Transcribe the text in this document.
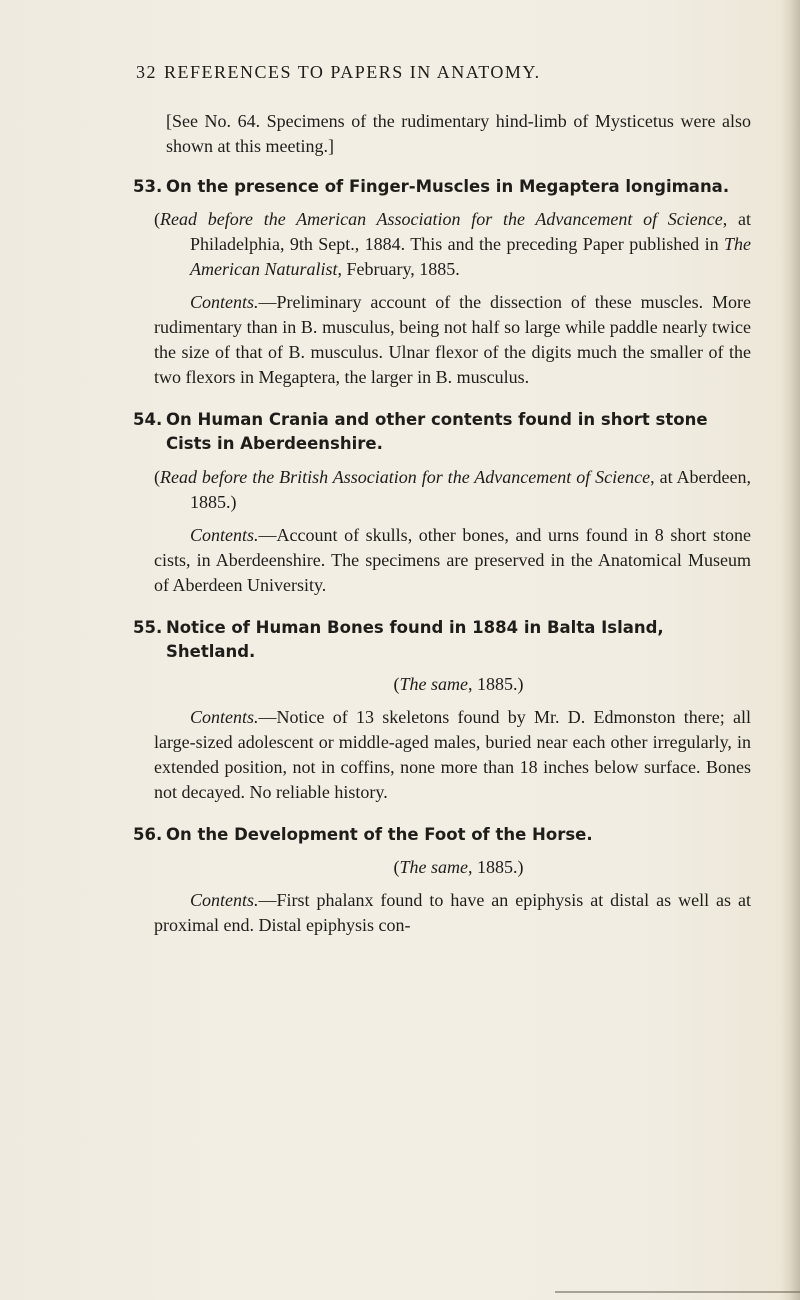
32 REFERENCES TO PAPERS IN ANATOMY.

[See No. 64. Specimens of the rudimentary hind-limb of Mysticetus were also shown at this meeting.]

53. On the presence of Finger-Muscles in Megaptera longimana.

(Read before the American Association for the Advancement of Science, at Philadelphia, 9th Sept., 1884. This and the preceding Paper published in The American Naturalist, February, 1885.

Contents.—Preliminary account of the dissection of these muscles. More rudimentary than in B. musculus, being not half so large while paddle nearly twice the size of that of B. musculus. Ulnar flexor of the digits much the smaller of the two flexors in Megaptera, the larger in B. musculus.

54. On Human Crania and other contents found in short stone Cists in Aberdeenshire.

(Read before the British Association for the Advancement of Science, at Aberdeen, 1885.)

Contents.—Account of skulls, other bones, and urns found in 8 short stone cists, in Aberdeenshire. The specimens are preserved in the Anatomical Museum of Aberdeen University.

55. Notice of Human Bones found in 1884 in Balta Island, Shetland.

(The same, 1885.)

Contents.—Notice of 13 skeletons found by Mr. D. Edmonston there; all large-sized adolescent or middle-aged males, buried near each other irregularly, in extended position, not in coffins, none more than 18 inches below surface. Bones not decayed. No reliable history.

56. On the Development of the Foot of the Horse.

(The same, 1885.)

Contents.—First phalanx found to have an epiphysis at distal as well as at proximal end. Distal epiphysis con-
